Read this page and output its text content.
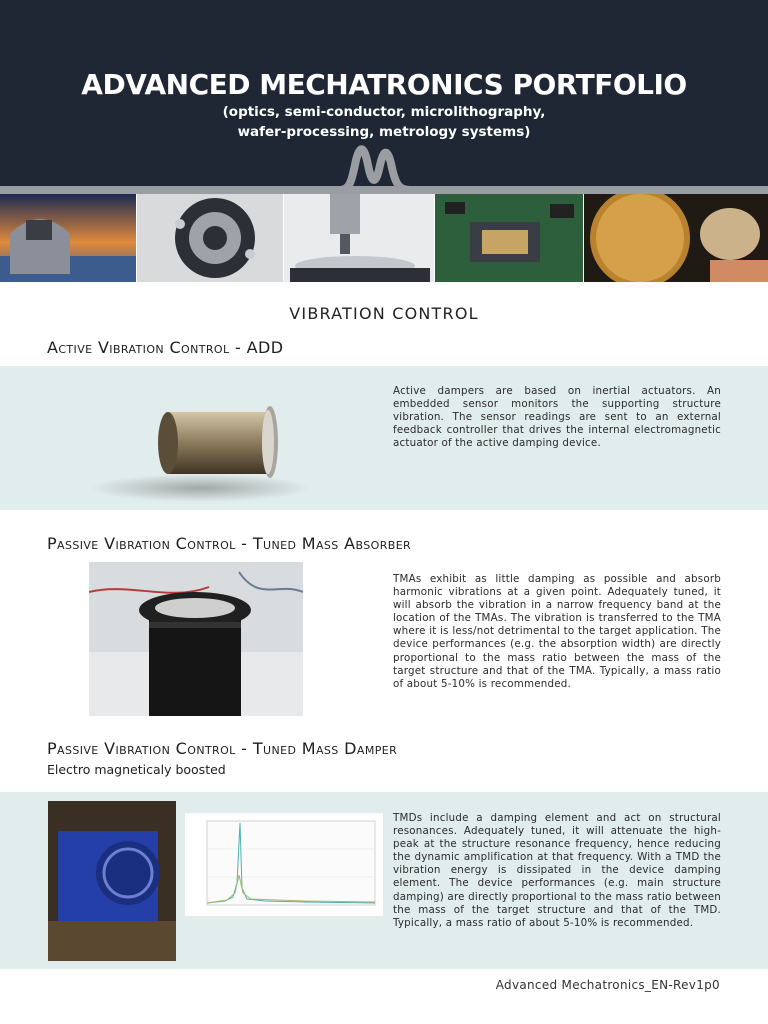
ADVANCED MECHATRONICS PORTFOLIO
(optics, semi-conductor, microlithography,
wafer-processing, metrology systems)
VIBRATION CONTROL
Active Vibration Control - ADD
Active dampers are based on inertial actuators. An embedded sensor monitors the supporting structure vibration. The sensor readings are sent to an external feedback controller that drives the internal electromagnetic actuator of the active damping device.
Passive Vibration Control - Tuned Mass Absorber
TMAs exhibit as little damping as possible and absorb harmonic vibrations at a given point. Adequately tuned, it will absorb the vibration in a narrow frequency band at the location of the TMAs. The vibration is transferred to the TMA where it is less/not detrimental to the target application. The device performances (e.g. the absorption width) are directly proportional to the mass ratio between the mass of the target structure and that of the TMA. Typically, a mass ratio of about 5-10% is recommended.
Passive Vibration Control - Tuned Mass Damper
Electro magneticaly boosted
TMDs include a damping element and act on structural resonances. Adequately tuned, it will attenuate the high-peak at the structure resonance frequency, hence reducing the dynamic amplification at that frequency. With a TMD the vibration energy is dissipated in the device damping element. The device performances (e.g. main structure damping) are directly proportional to the mass ratio between the mass of the target structure and that of the TMD. Typically, a mass ratio of about 5-10% is recommended.
Advanced Mechatronics_EN-Rev1p0
